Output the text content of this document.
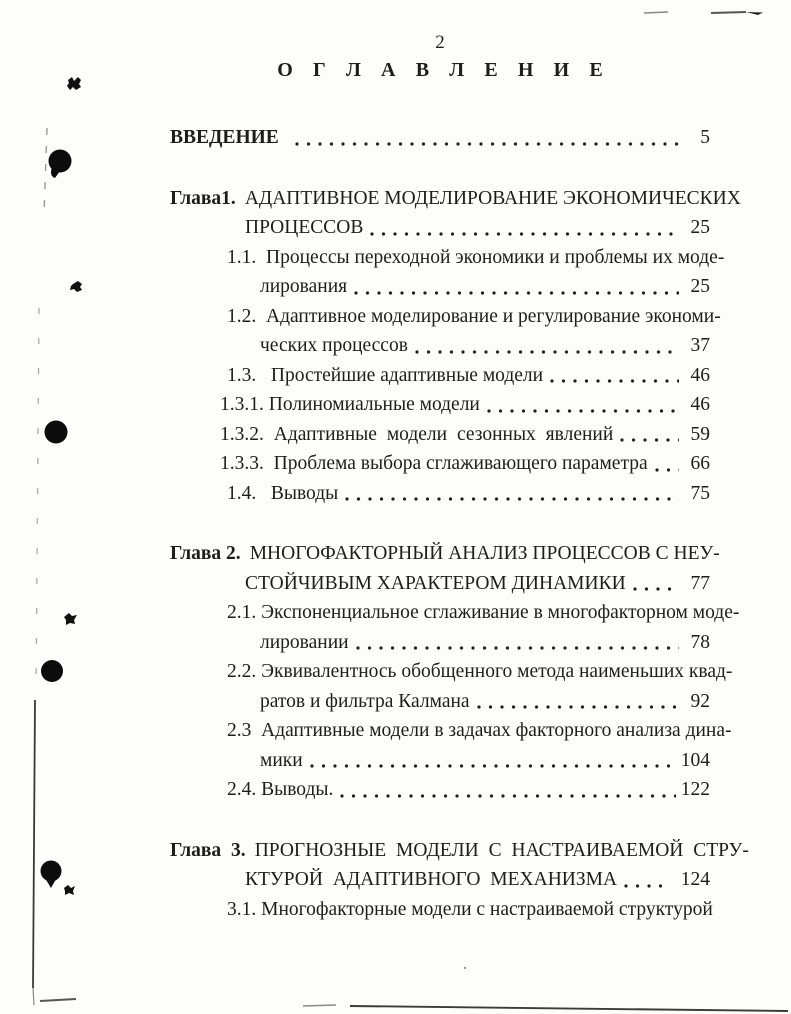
2
О Г Л А В Л Е Н И Е
ВВЕДЕНИЕ	5
Глава1. АДАПТИВНОЕ МОДЕЛИРОВАНИЕ ЭКОНОМИЧЕСКИХ
ПРОЦЕССОВ	25
1.1.  Процессы переходной экономики и проблемы их моде-
лирования	25
1.2.  Адаптивное моделирование и регулирование экономи-
ческих процессов	37
1.3.   Простейшие адаптивные модели	46
1.3.1. Полиномиальные модели	46
1.3.2. Адаптивные модели сезонных явлений	59
1.3.3.  Проблема выбора сглаживающего параметра	66
1.4.   Выводы	75
Глава 2. МНОГОФАКТОРНЫЙ АНАЛИЗ ПРОЦЕССОВ С НЕУ-
СТОЙЧИВЫМ ХАРАКТЕРОМ ДИНАМИКИ	77
2.1. Экспоненциальное сглаживание в многофакторном моде-
лировании	78
2.2. Эквивалентнось обобщенного метода наименьших квад-
ратов и фильтра Калмана	92
2.3  Адаптивные модели в задачах факторного анализа дина-
мики	104
2.4. Выводы.	122
Глава 3. ПРОГНОЗНЫЕ МОДЕЛИ С НАСТРАИВАЕМОЙ СТРУ-
КТУРОЙ АДАПТИВНОГО МЕХАНИЗМА	124
3.1. Многофакторные модели с настраиваемой структурой
